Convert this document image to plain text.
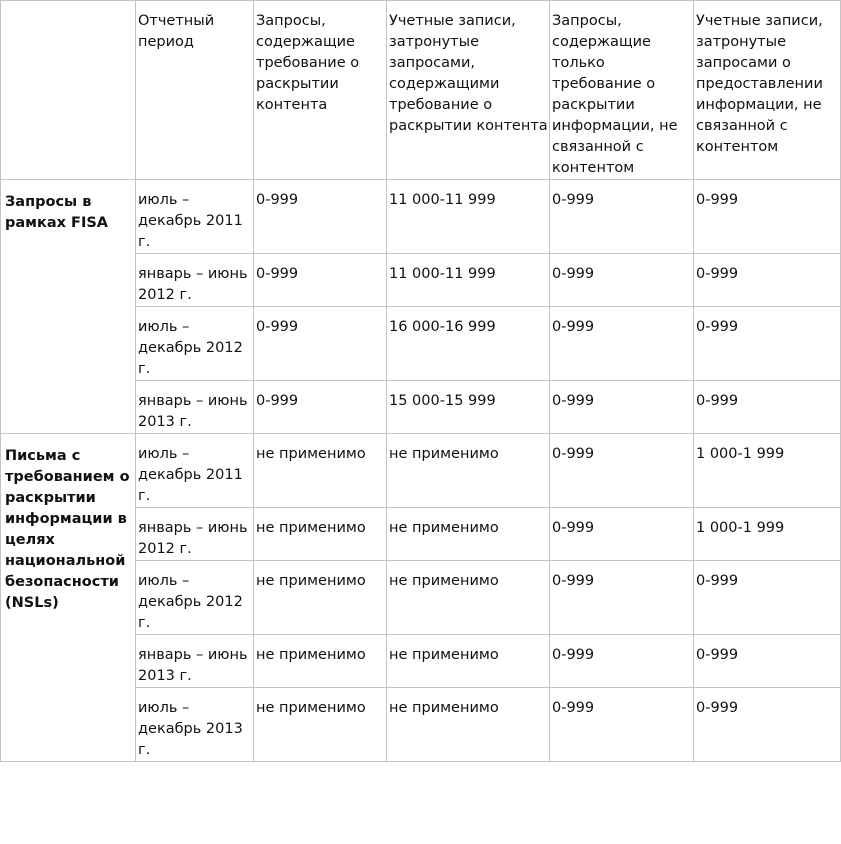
	Отчетный период	Запросы, содержащие требование о раскрытии контента	Учетные записи, затронутые запросами, содержащими требование о раскрытии контента	Запросы, содержащие только требование о раскрытии информации, не связанной с контентом	Учетные записи, затронутые запросами о предоставлении информации, не связанной с контентом
Запросы в рамках FISA	июль – декабрь 2011 г.	0-999	11 000-11 999	0-999	0-999
	январь – июнь 2012 г.	0-999	11 000-11 999	0-999	0-999
	июль – декабрь 2012 г.	0-999	16 000-16 999	0-999	0-999
	январь – июнь 2013 г.	0-999	15 000-15 999	0-999	0-999
Письма с требованием о раскрытии информации в целях национальной безопасности (NSLs)	июль – декабрь 2011 г.	не применимо	не применимо	0-999	1 000-1 999
	январь – июнь 2012 г.	не применимо	не применимо	0-999	1 000-1 999
	июль – декабрь 2012 г.	не применимо	не применимо	0-999	0-999
	январь – июнь 2013 г.	не применимо	не применимо	0-999	0-999
	июль – декабрь 2013 г.	не применимо	не применимо	0-999	0-999
